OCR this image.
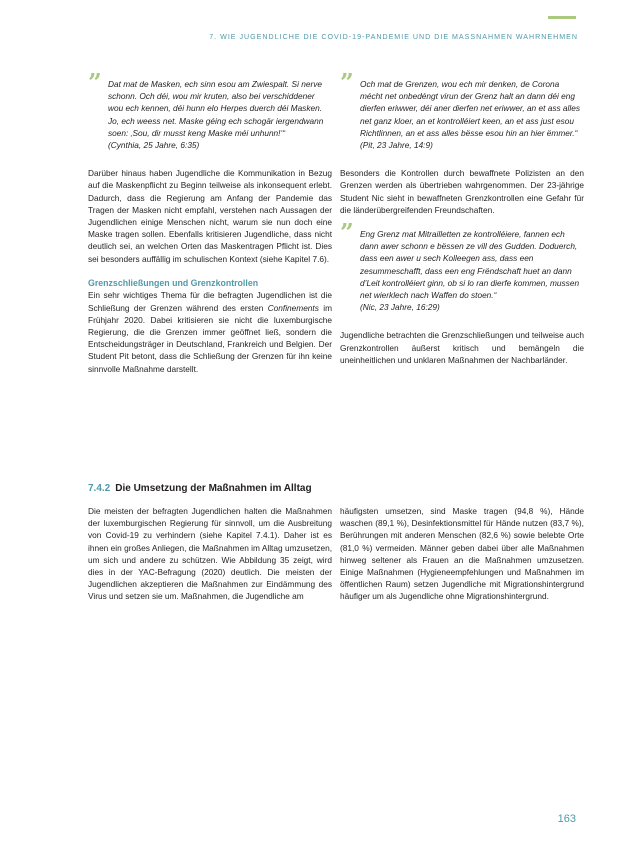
7. WIE JUGENDLICHE DIE COVID-19-PANDEMIE UND DIE MASSNAHMEN WAHRNEHMEN
” Dat mat de Masken, ech sinn esou am Zwiespalt. Si nerve schonn. Och déi, wou mir kruten, also bei verschiddener wou ech kennen, déi hunn elo Herpes duerch déi Masken. Jo, ech weess net. Maske géing ech schogär iergendwann soen: ‚Sou, dir musst keng Maske méi unhunn!‘“

(Cynthia, 25 Jahre, 6:35)

Darüber hinaus haben Jugendliche die Kommunikation in Bezug auf die Maskenpflicht zu Beginn teilweise als inkonsequent erlebt. Dadurch, dass die Regierung am Anfang der Pandemie das Tragen der Masken nicht empfahl, verstehen nach Aussagen der Jugendlichen einige Menschen nicht, warum sie nun doch eine Maske tragen sollen. Ebenfalls kritisieren Jugendliche, dass nicht deutlich sei, an welchen Orten das Maskentragen Pflicht ist. Dies sei besonders auffällig im schulischen Kontext (siehe Kapitel 7.6).

Grenzschließungen und Grenzkontrollen

Ein sehr wichtiges Thema für die befragten Jugendlichen ist die Schließung der Grenzen während des ersten Confinements im Frühjahr 2020. Dabei kritisieren sie nicht die luxemburgische Regierung, die die Grenzen immer geöffnet ließ, sondern die Entscheidungsträger in Deutschland, Frankreich und Belgien. Der Student Pit betont, dass die Schließung der Grenzen für ihn keine sinnvolle Maßnahme darstellt.

” Och mat de Grenzen, wou ech mir denken, de Corona mécht net onbedéngt virun der Grenz halt an dann déi eng dierfen eriwwer, déi aner dierfen net eriwwer, an et ass alles net ganz kloer, an et kontrolléiert keen, an et ass just esou Richtlinnen, an et ass alles bësse esou hin an hier ëmmer.“

(Pit, 23 Jahre, 14:9)

Besonders die Kontrollen durch bewaffnete Polizisten an den Grenzen werden als übertrieben wahrgenommen. Der 23-jährige Student Nic sieht in bewaffneten Grenzkontrollen eine Gefahr für die länderübergreifenden Freundschaften.

” Eng Grenz mat Mitrailletten ze kontrolléiere, fannen ech dann awer schonn e bëssen ze vill des Gudden. Doduerch, dass een awer u sech Kolleegen ass, dass een zesummeschafft, dass een eng Frëndschaft huet an dann d’Leit kontrolléiert ginn, ob si lo ran dierfe kommen, mussen net wierklech nach Waffen do stoen.“

(Nic, 23 Jahre, 16:29)

Jugendliche betrachten die Grenzschließungen und teilweise auch Grenzkontrollen äußerst kritisch und bemängeln die uneinheitlichen und unklaren Maßnahmen der Nachbarländer.

7.4.2 Die Umsetzung der Maßnahmen im Alltag

Die meisten der befragten Jugendlichen halten die Maßnahmen der luxemburgischen Regierung für sinnvoll, um die Ausbreitung von Covid-19 zu verhindern (siehe Kapitel 7.4.1). Daher ist es ihnen ein großes Anliegen, die Maßnahmen im Alltag umzusetzen, um sich und andere zu schützen. Wie Abbildung 35 zeigt, wird dies in der YAC-Befragung (2020) deutlich. Die meisten der Jugendlichen akzeptieren die Maßnahmen zur Eindämmung des Virus und setzen sie um. Maßnahmen, die Jugendliche am

häufigsten umsetzen, sind Maske tragen (94,8 %), Hände waschen (89,1 %), Desinfektionsmittel für Hände nutzen (83,7 %), Berührungen mit anderen Menschen (82,6 %) sowie belebte Orte (81,0 %) vermeiden. Männer geben dabei über alle Maßnahmen hinweg seltener als Frauen an die Maßnahmen umzusetzen. Einige Maßnahmen (Hygieneempfehlungen und Maßnahmen im öffentlichen Raum) setzen Jugendliche mit Migrationshintergrund häufiger um als Jugendliche ohne Migrationshintergrund.

163
